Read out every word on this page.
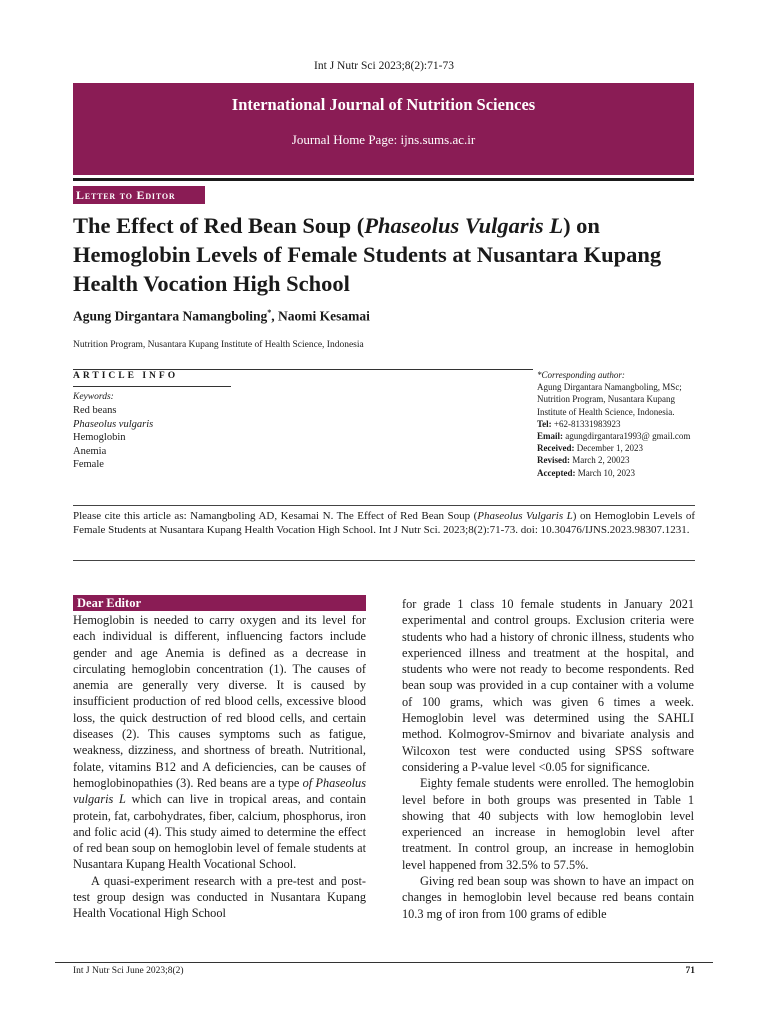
Int J Nutr Sci 2023;8(2):71-73
International Journal of Nutrition Sciences
Journal Home Page: ijns.sums.ac.ir
Letter to Editor
The Effect of Red Bean Soup (Phaseolus Vulgaris L) on Hemoglobin Levels of Female Students at Nusantara Kupang Health Vocation High School
Agung Dirgantara Namangboling*, Naomi Kesamai
Nutrition Program, Nusantara Kupang Institute of Health Science, Indonesia
ARTICLE INFO
Keywords:
Red beans
Phaseolus vulgaris
Hemoglobin
Anemia
Female
*Corresponding author:
Agung Dirgantara Namangboling, MSc;
Nutrition Program, Nusantara Kupang Institute of Health Science, Indonesia.
Tel: +62-81331983923
Email: agungdirgantara1993@ gmail.com
Received: December 1, 2023
Revised: March 2, 20023
Accepted: March 10, 2023
Please cite this article as: Namangboling AD, Kesamai N. The Effect of Red Bean Soup (Phaseolus Vulgaris L) on Hemoglobin Levels of Female Students at Nusantara Kupang Health Vocation High School. Int J Nutr Sci. 2023;8(2):71-73. doi: 10.30476/IJNS.2023.98307.1231.
Dear Editor

Hemoglobin is needed to carry oxygen and its level for each individual is different, influencing factors include gender and age Anemia is defined as a decrease in circulating hemoglobin concentration (1). The causes of anemia are generally very diverse. It is caused by insufficient production of red blood cells, excessive blood loss, the quick destruction of red blood cells, and certain diseases (2). This causes symptoms such as fatigue, weakness, dizziness, and shortness of breath. Nutritional, folate, vitamins B12 and A deficiencies, can be causes of hemoglobinopathies (3). Red beans are a type of Phaseolus vulgaris L which can live in tropical areas, and contain protein, fat, carbohydrates, fiber, calcium, phosphorus, iron and folic acid (4). This study aimed to determine the effect of red bean soup on hemoglobin level of female students at Nusantara Kupang Health Vocational School.

A quasi-experiment research with a pre-test and post-test group design was conducted in Nusantara Kupang Health Vocational High School

for grade 1 class 10 female students in January 2021 experimental and control groups. Exclusion criteria were students who had a history of chronic illness, students who experienced illness and treatment at the hospital, and students who were not ready to become respondents. Red bean soup was provided in a cup container with a volume of 100 grams, which was given 6 times a week. Hemoglobin level was determined using the SAHLI method. Kolmogrov-Smirnov and bivariate analysis and Wilcoxon test were conducted using SPSS software considering a P-value level <0.05 for significance.

Eighty female students were enrolled. The hemoglobin level before in both groups was presented in Table 1 showing that 40 subjects with low hemoglobin level experienced an increase in hemoglobin level after treatment. In control group, an increase in hemoglobin level happened from 32.5% to 57.5%.

Giving red bean soup was shown to have an impact on changes in hemoglobin level because red beans contain 10.3 mg of iron from 100 grams of edible

Int J Nutr Sci June 2023;8(2)	71
